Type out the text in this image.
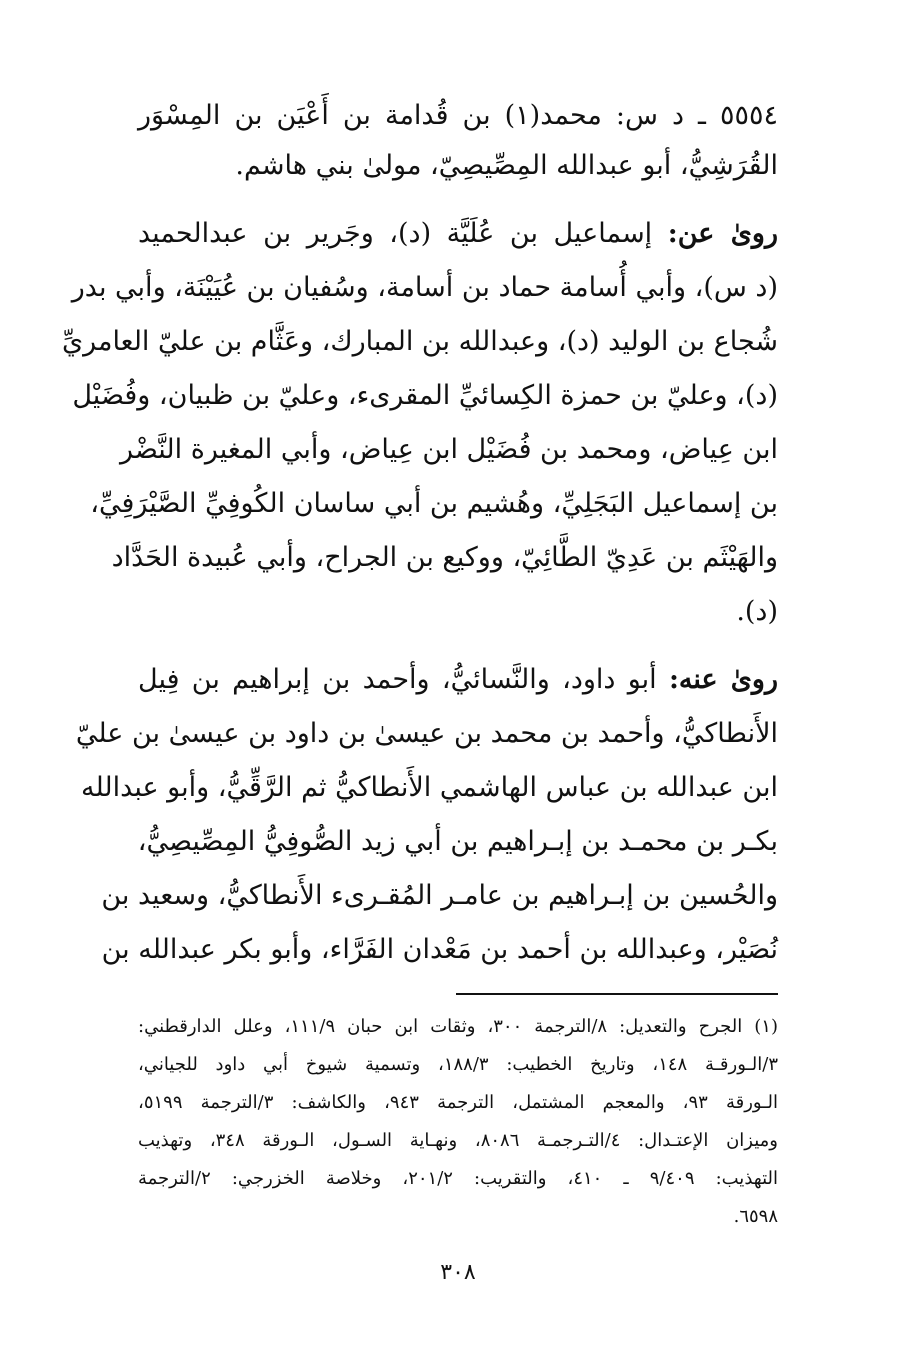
٥٥٥٤ ـ د س: محمد(١) بن قُدامة بن أَعْيَن بن المِسْوَر
القُرَشِيُّ، أبو عبدالله المِصِّيصِيّ، مولىٰ بني هاشم.
رویٰ عن: إسماعيل بن عُلَيَّة (د)، وجَرير بن عبدالحميد
(د س)، وأبي أُسامة حماد بن أسامة، وسُفيان بن عُيَيْنَة، وأبي بدر
شُجاع بن الوليد (د)، وعبدالله بن المبارك، وعَثَّام بن عليّ العامريِّ
(د)، وعليّ بن حمزة الكِسائيِّ المقرىء، وعليّ بن ظبيان، وفُضَيْل
ابن عِياض، ومحمد بن فُضَيْل ابن عِياض، وأبي المغيرة النَّضْر
بن إسماعيل البَجَلِيِّ، وهُشيم بن أبي ساسان الكُوفِيِّ الصَّيْرَفِيِّ،
والهَيْثَم بن عَدِيّ الطَّائِيّ، ووكيع بن الجراح، وأبي عُبيدة الحَدَّاد
(د).
رویٰ عنه: أبو داود، والنَّسائيُّ، وأحمد بن إبراهيم بن فِيل
الأَنطاكيُّ، وأحمد بن محمد بن عيسىٰ بن داود بن عيسىٰ بن عليّ
ابن عبدالله بن عباس الهاشمي الأَنطاكيُّ ثم الرَّقِّيُّ، وأبو عبدالله
بكـر بن محمـد بن إبـراهيم بن أبي زيد الصُّوفِيُّ المِصِّيصِيُّ،
والحُسين بن إبـراهيم بن عامـر المُقـرىء الأَنطاكيُّ، وسعيد بن
نُصَيْر، وعبدالله بن أحمد بن مَعْدان الفَرَّاء، وأبو بكر عبدالله بن
(١) الجرح والتعديل: ٨/الترجمة ٣٠٠، وثقات ابن حبان ١١١/٩، وعلل الدارقطني:
٣/الـورقـة ١٤٨، وتاريخ الخطيب: ١٨٨/٣، وتسمية شيوخ أبي داود للجياني،
الـورقة ٩٣، والمعجم المشتمل، الترجمة ٩٤٣، والكاشف: ٣/الترجمة ٥١٩٩،
وميزان الإعتـدال: ٤/التـرجمـة ٨٠٨٦، ونهـاية السـول، الـورقة ٣٤٨، وتهذيب
التهذيب: ٩/٤٠٩ ـ ٤١٠، والتقريب: ٢٠١/٢، وخلاصة الخزرجي: ٢/الترجمة
٦٥٩٨.
٣٠٨
